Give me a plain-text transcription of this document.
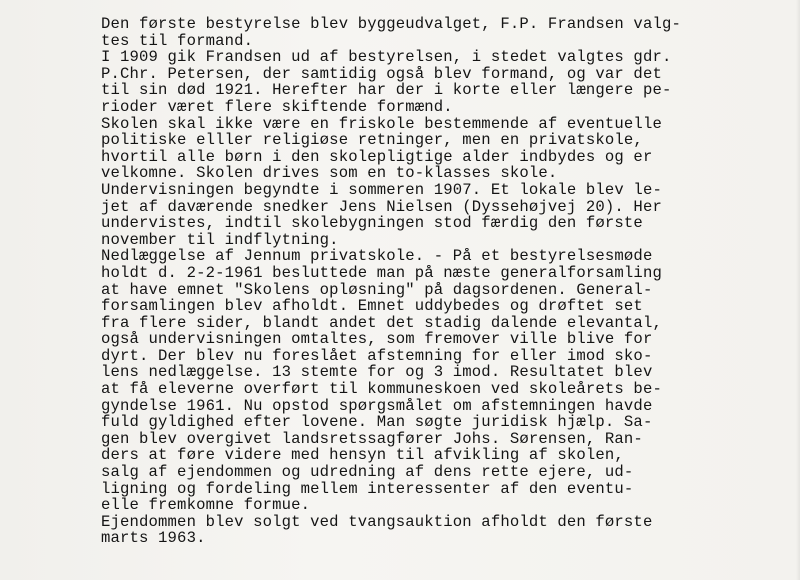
Den første bestyrelse blev byggeudvalget, F.P. Frandsen valg-
tes til formand.
I 1909 gik Frandsen ud af bestyrelsen, i stedet valgtes gdr.
P.Chr. Petersen, der samtidig også blev formand, og var det
til sin død 1921. Herefter har der i korte eller længere pe-
rioder været flere skiftende formænd.
Skolen skal ikke være en friskole bestemmende af eventuelle
politiske elller religiøse retninger, men en privatskole,
hvortil alle børn i den skolepligtige alder indbydes og er
velkomne. Skolen drives som en to-klasses skole.
Undervisningen begyndte i sommeren 1907. Et lokale blev le-
jet af daværende snedker Jens Nielsen (Dyssehøjvej 20). Her
undervistes, indtil skolebygningen stod færdig den første
november til indflytning.
Nedlæggelse af Jennum privatskole. - På et bestyrelsesmøde
holdt d. 2-2-1961 besluttede man på næste generalforsamling
at have emnet "Skolens opløsning" på dagsordenen. General-
forsamlingen blev afholdt. Emnet uddybedes og drøftet set
fra flere sider, blandt andet det stadig dalende elevantal,
også undervisningen omtaltes, som fremover ville blive for
dyrt. Der blev nu foreslået afstemning for eller imod sko-
lens nedlæggelse. 13 stemte for og 3 imod. Resultatet blev
at få eleverne overført til kommuneskoen ved skoleårets be-
gyndelse 1961. Nu opstod spørgsmålet om afstemningen havde
fuld gyldighed efter lovene. Man søgte juridisk hjælp. Sa-
gen blev overgivet landsretssagfører Johs. Sørensen, Ran-
ders at føre videre med hensyn til afvikling af skolen,
salg af ejendommen og udredning af dens rette ejere, ud-
ligning og fordeling mellem interessenter af den eventu-
elle fremkomne formue.
Ejendommen blev solgt ved tvangsauktion afholdt den første
marts 1963.
